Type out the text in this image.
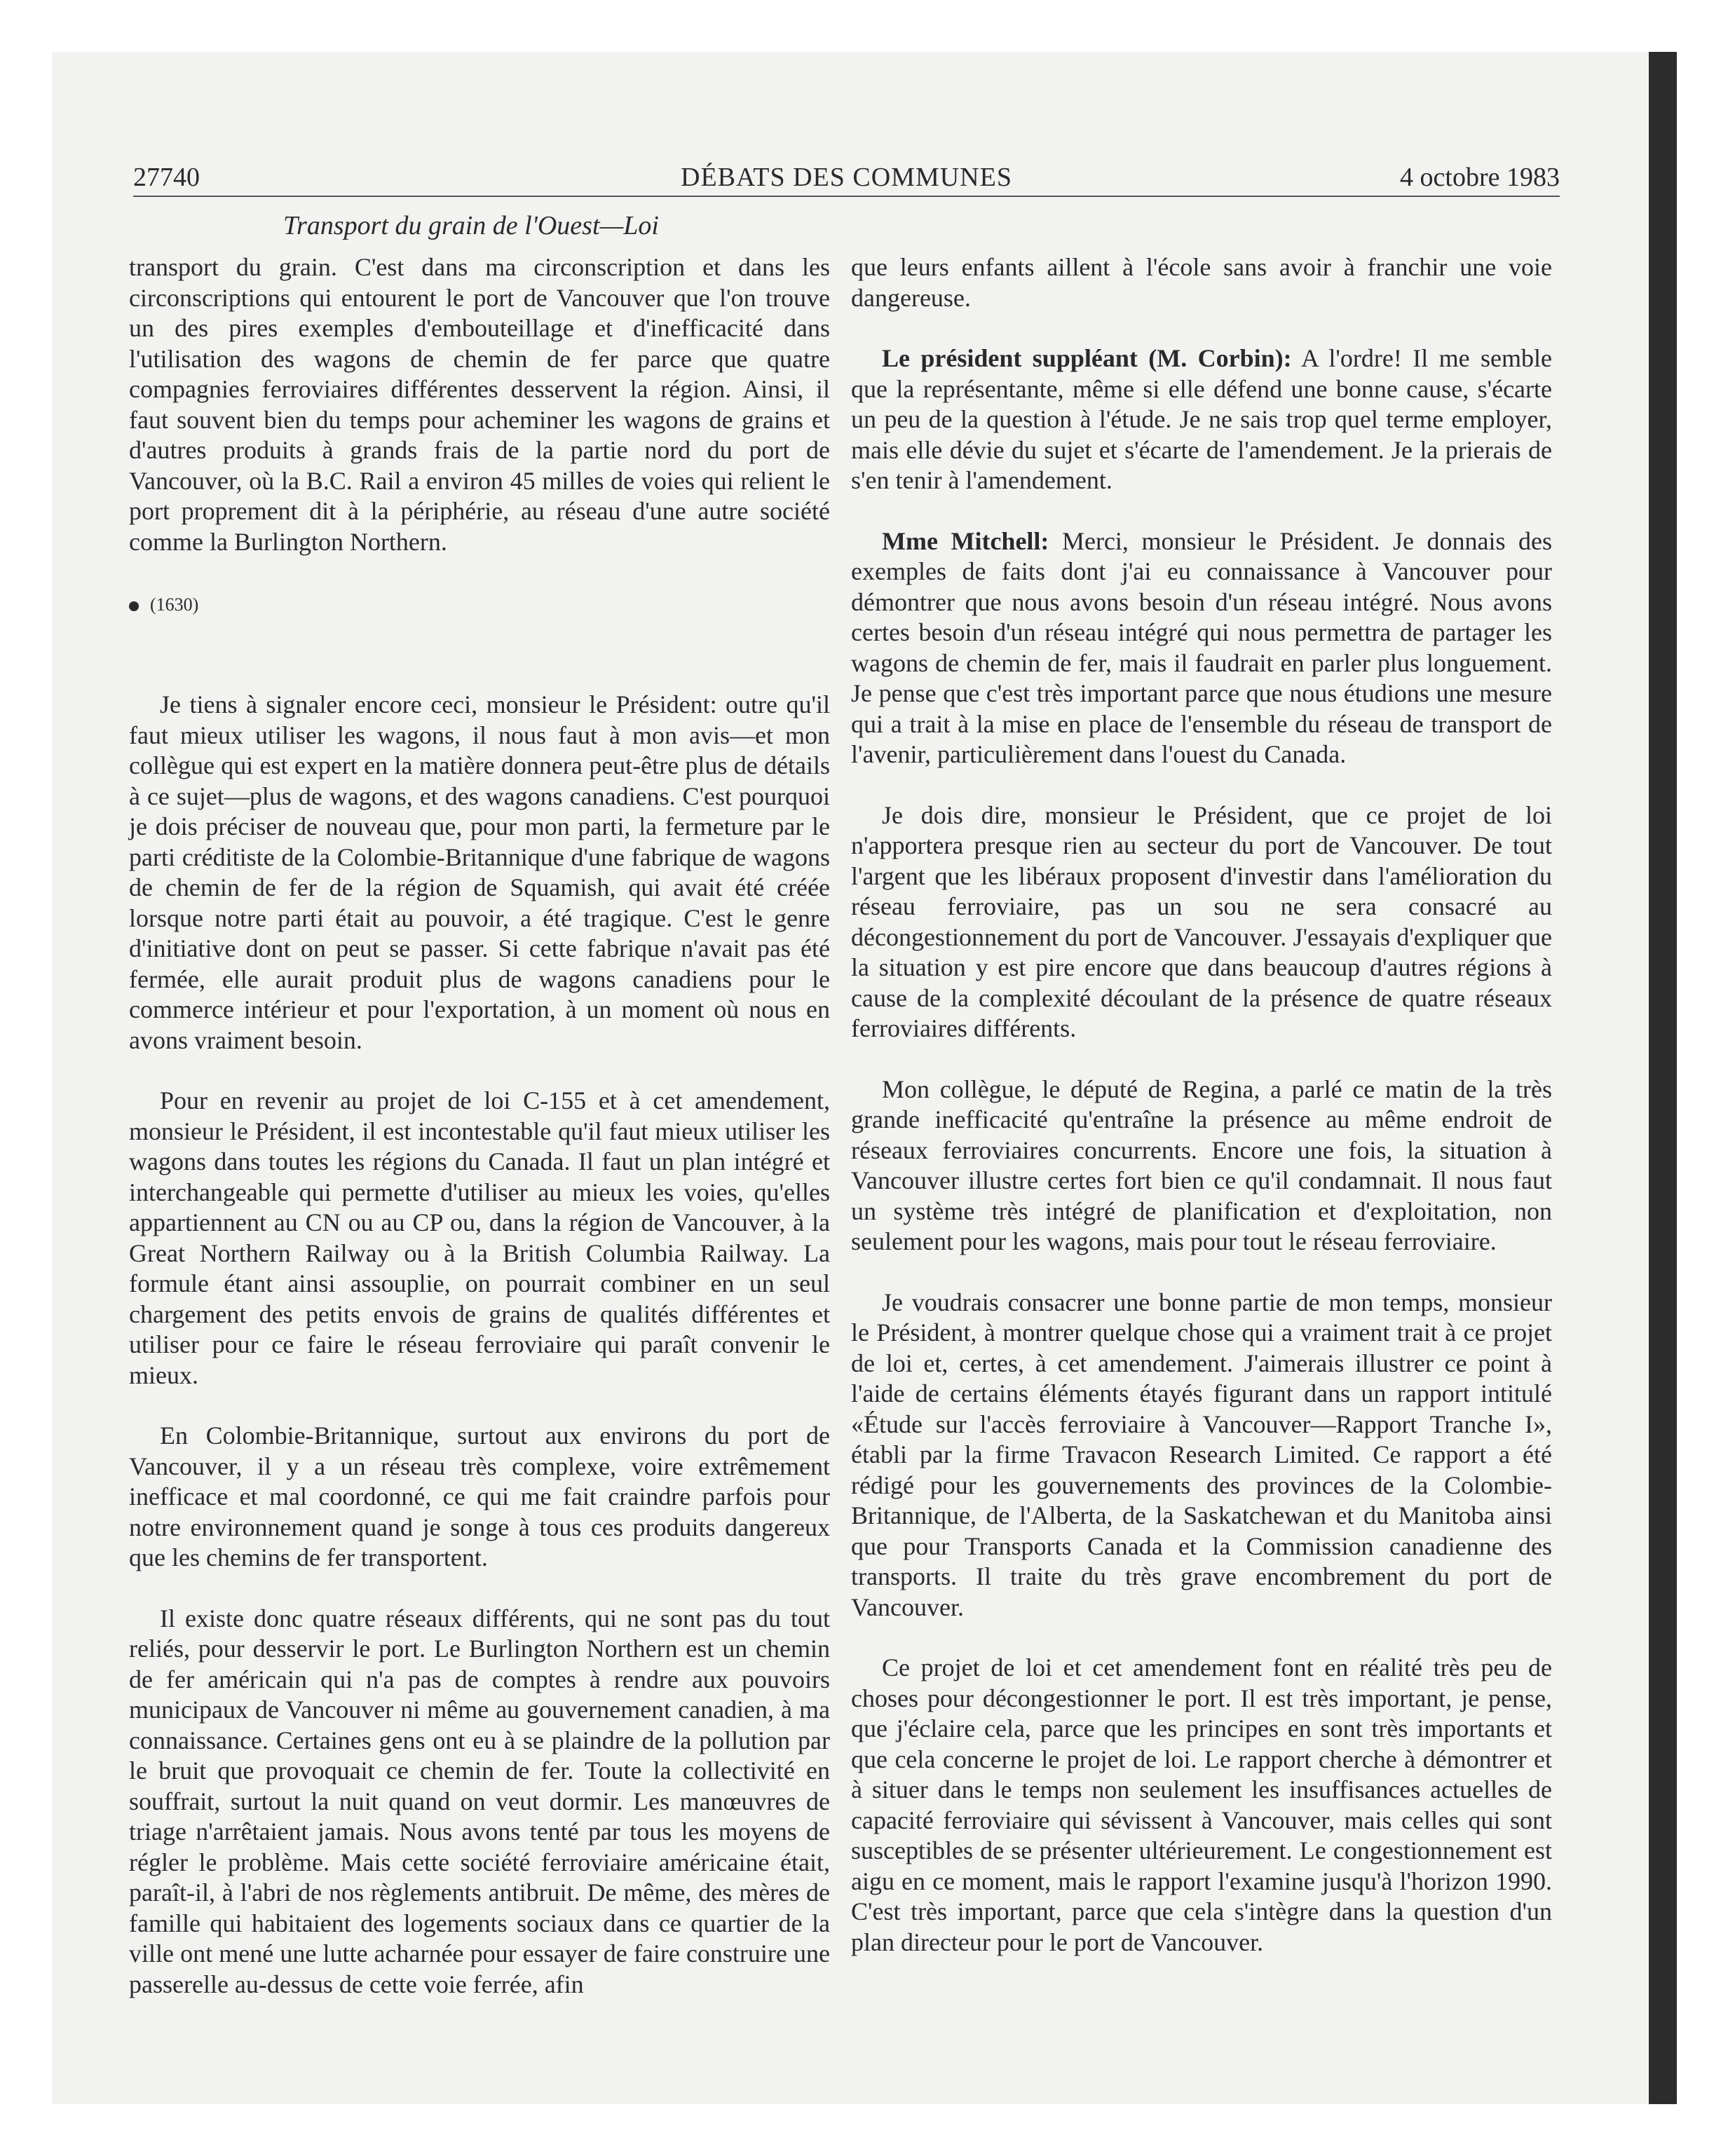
27740	DÉBATS DES COMMUNES	4 octobre 1983
Transport du grain de l'Ouest—Loi

transport du grain. C'est dans ma circonscription et dans les circonscriptions qui entourent le port de Vancouver que l'on trouve un des pires exemples d'embouteillage et d'inefficacité dans l'utilisation des wagons de chemin de fer parce que quatre compagnies ferroviaires différentes desservent la région. Ainsi, il faut souvent bien du temps pour acheminer les wagons de grains et d'autres produits à grands frais de la partie nord du port de Vancouver, où la B.C. Rail a environ 45 milles de voies qui relient le port proprement dit à la périphérie, au réseau d'une autre société comme la Burlington Northern.

(1630)

Je tiens à signaler encore ceci, monsieur le Président: outre qu'il faut mieux utiliser les wagons, il nous faut à mon avis—et mon collègue qui est expert en la matière donnera peut-être plus de détails à ce sujet—plus de wagons, et des wagons canadiens. C'est pourquoi je dois préciser de nouveau que, pour mon parti, la fermeture par le parti créditiste de la Colombie-Britannique d'une fabrique de wagons de chemin de fer de la région de Squamish, qui avait été créée lorsque notre parti était au pouvoir, a été tragique. C'est le genre d'initiative dont on peut se passer. Si cette fabrique n'avait pas été fermée, elle aurait produit plus de wagons canadiens pour le commerce intérieur et pour l'exportation, à un moment où nous en avons vraiment besoin.

Pour en revenir au projet de loi C-155 et à cet amendement, monsieur le Président, il est incontestable qu'il faut mieux utiliser les wagons dans toutes les régions du Canada. Il faut un plan intégré et interchangeable qui permette d'utiliser au mieux les voies, qu'elles appartiennent au CN ou au CP ou, dans la région de Vancouver, à la Great Northern Railway ou à la British Columbia Railway. La formule étant ainsi assouplie, on pourrait combiner en un seul chargement des petits envois de grains de qualités différentes et utiliser pour ce faire le réseau ferroviaire qui paraît convenir le mieux.

En Colombie-Britannique, surtout aux environs du port de Vancouver, il y a un réseau très complexe, voire extrêmement inefficace et mal coordonné, ce qui me fait craindre parfois pour notre environnement quand je songe à tous ces produits dangereux que les chemins de fer transportent.

Il existe donc quatre réseaux différents, qui ne sont pas du tout reliés, pour desservir le port. Le Burlington Northern est un chemin de fer américain qui n'a pas de comptes à rendre aux pouvoirs municipaux de Vancouver ni même au gouvernement canadien, à ma connaissance. Certaines gens ont eu à se plaindre de la pollution par le bruit que provoquait ce chemin de fer. Toute la collectivité en souffrait, surtout la nuit quand on veut dormir. Les manœuvres de triage n'arrêtaient jamais. Nous avons tenté par tous les moyens de régler le problème. Mais cette société ferroviaire américaine était, paraît-il, à l'abri de nos règlements antibruit. De même, des mères de famille qui habitaient des logements sociaux dans ce quartier de la ville ont mené une lutte acharnée pour essayer de faire construire une passerelle au-dessus de cette voie ferrée, afin

que leurs enfants aillent à l'école sans avoir à franchir une voie dangereuse.

Le président suppléant (M. Corbin): A l'ordre! Il me semble que la représentante, même si elle défend une bonne cause, s'écarte un peu de la question à l'étude. Je ne sais trop quel terme employer, mais elle dévie du sujet et s'écarte de l'amendement. Je la prierais de s'en tenir à l'amendement.

Mme Mitchell: Merci, monsieur le Président. Je donnais des exemples de faits dont j'ai eu connaissance à Vancouver pour démontrer que nous avons besoin d'un réseau intégré. Nous avons certes besoin d'un réseau intégré qui nous permettra de partager les wagons de chemin de fer, mais il faudrait en parler plus longuement. Je pense que c'est très important parce que nous étudions une mesure qui a trait à la mise en place de l'ensemble du réseau de transport de l'avenir, particulièrement dans l'ouest du Canada.

Je dois dire, monsieur le Président, que ce projet de loi n'apportera presque rien au secteur du port de Vancouver. De tout l'argent que les libéraux proposent d'investir dans l'amélioration du réseau ferroviaire, pas un sou ne sera consacré au décongestionnement du port de Vancouver. J'essayais d'expliquer que la situation y est pire encore que dans beaucoup d'autres régions à cause de la complexité découlant de la présence de quatre réseaux ferroviaires différents.

Mon collègue, le député de Regina, a parlé ce matin de la très grande inefficacité qu'entraîne la présence au même endroit de réseaux ferroviaires concurrents. Encore une fois, la situation à Vancouver illustre certes fort bien ce qu'il condamnait. Il nous faut un système très intégré de planification et d'exploitation, non seulement pour les wagons, mais pour tout le réseau ferroviaire.

Je voudrais consacrer une bonne partie de mon temps, monsieur le Président, à montrer quelque chose qui a vraiment trait à ce projet de loi et, certes, à cet amendement. J'aimerais illustrer ce point à l'aide de certains éléments étayés figurant dans un rapport intitulé «Étude sur l'accès ferroviaire à Vancouver—Rapport Tranche I», établi par la firme Travacon Research Limited. Ce rapport a été rédigé pour les gouvernements des provinces de la Colombie-Britannique, de l'Alberta, de la Saskatchewan et du Manitoba ainsi que pour Transports Canada et la Commission canadienne des transports. Il traite du très grave encombrement du port de Vancouver.

Ce projet de loi et cet amendement font en réalité très peu de choses pour décongestionner le port. Il est très important, je pense, que j'éclaire cela, parce que les principes en sont très importants et que cela concerne le projet de loi. Le rapport cherche à démontrer et à situer dans le temps non seulement les insuffisances actuelles de capacité ferroviaire qui sévissent à Vancouver, mais celles qui sont susceptibles de se présenter ultérieurement. Le congestionnement est aigu en ce moment, mais le rapport l'examine jusqu'à l'horizon 1990. C'est très important, parce que cela s'intègre dans la question d'un plan directeur pour le port de Vancouver.
